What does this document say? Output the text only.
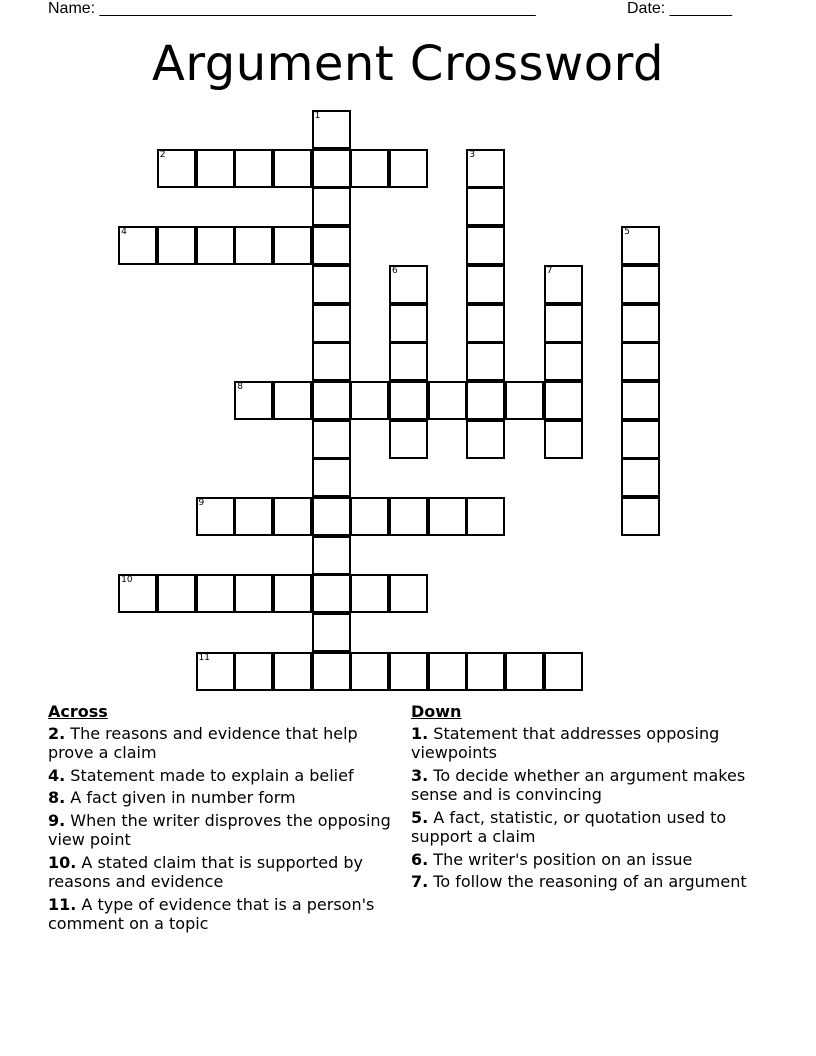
Name: _________________________________________________	Date: _______
Argument Crossword
1
2	3
4	5
6	7
8
9
10
11
Across
2. The reasons and evidence that help prove a claim
4. Statement made to explain a belief
8. A fact given in number form
9. When the writer disproves the opposing view point
10. A stated claim that is supported by reasons and evidence
11. A type of evidence that is a person's comment on a topic
Down
1. Statement that addresses opposing viewpoints
3. To decide whether an argument makes sense and is convincing
5. A fact, statistic, or quotation used to support a claim
6. The writer's position on an issue
7. To follow the reasoning of an argument
